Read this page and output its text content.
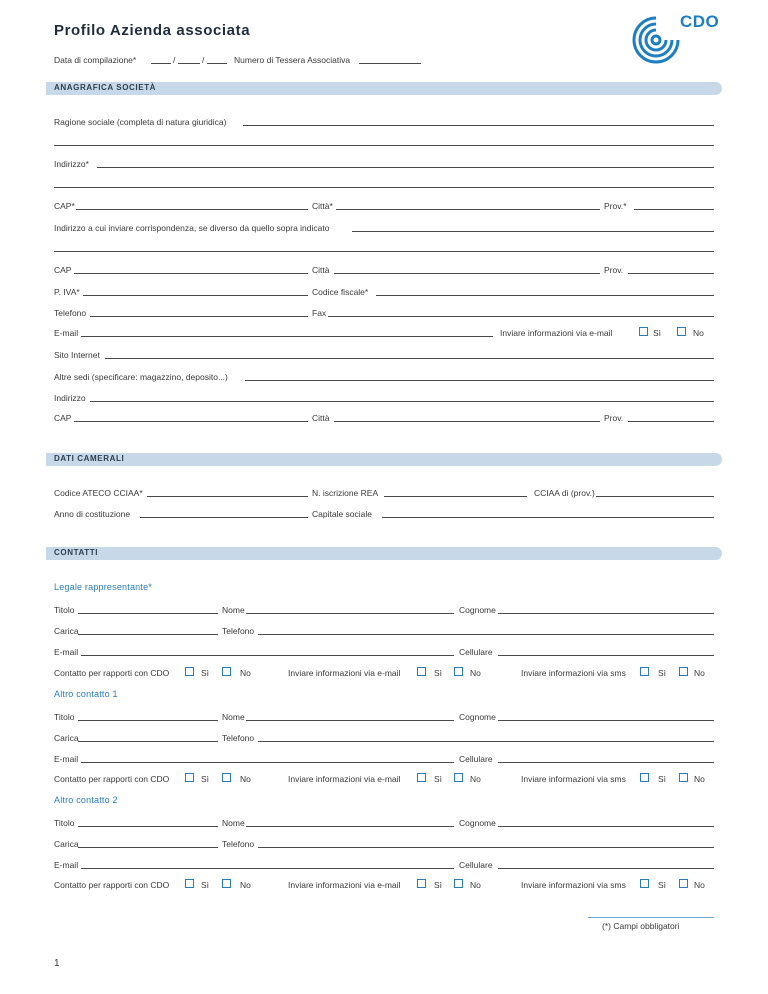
Profilo Azienda associata	CDO
Data di compilazione*	/	/	Numero di Tessera Associativa
ANAGRAFICA SOCIETÀ
Ragione sociale (completa di natura giuridica)
Indirizzo*
CAP*	Città*	Prov.*
Indirizzo a cui inviare corrispondenza, se diverso da quello sopra indicato
CAP	Città	Prov.
P. IVA*	Codice fiscale*
Telefono	Fax
E-mail	Inviare informazioni via e-mail	Sì	No
Sito Internet
Altre sedi (specificare: magazzino, deposito...)
Indirizzo
CAP	Città	Prov.
DATI CAMERALI
Codice ATECO CCIAA*	N. iscrizione REA	CCIAA di (prov.)
Anno di costituzione	Capitale sociale
CONTATTI
Legale rappresentante*
Titolo	Nome	Cognome
Carica	Telefono
E-mail	Cellulare
Contatto per rapporti con CDO	Sì	No	Inviare informazioni via e-mail	Sì	No	Inviare informazioni via sms	Sì	No
Altro contatto 1
Titolo	Nome	Cognome
Carica	Telefono
E-mail	Cellulare
Contatto per rapporti con CDO	Sì	No	Inviare informazioni via e-mail	Sì	No	Inviare informazioni via sms	Sì	No
Altro contatto 2
Titolo	Nome	Cognome
Carica	Telefono
E-mail	Cellulare
Contatto per rapporti con CDO	Sì	No	Inviare informazioni via e-mail	Sì	No	Inviare informazioni via sms	Sì	No
(*) Campi obbligatori
1
